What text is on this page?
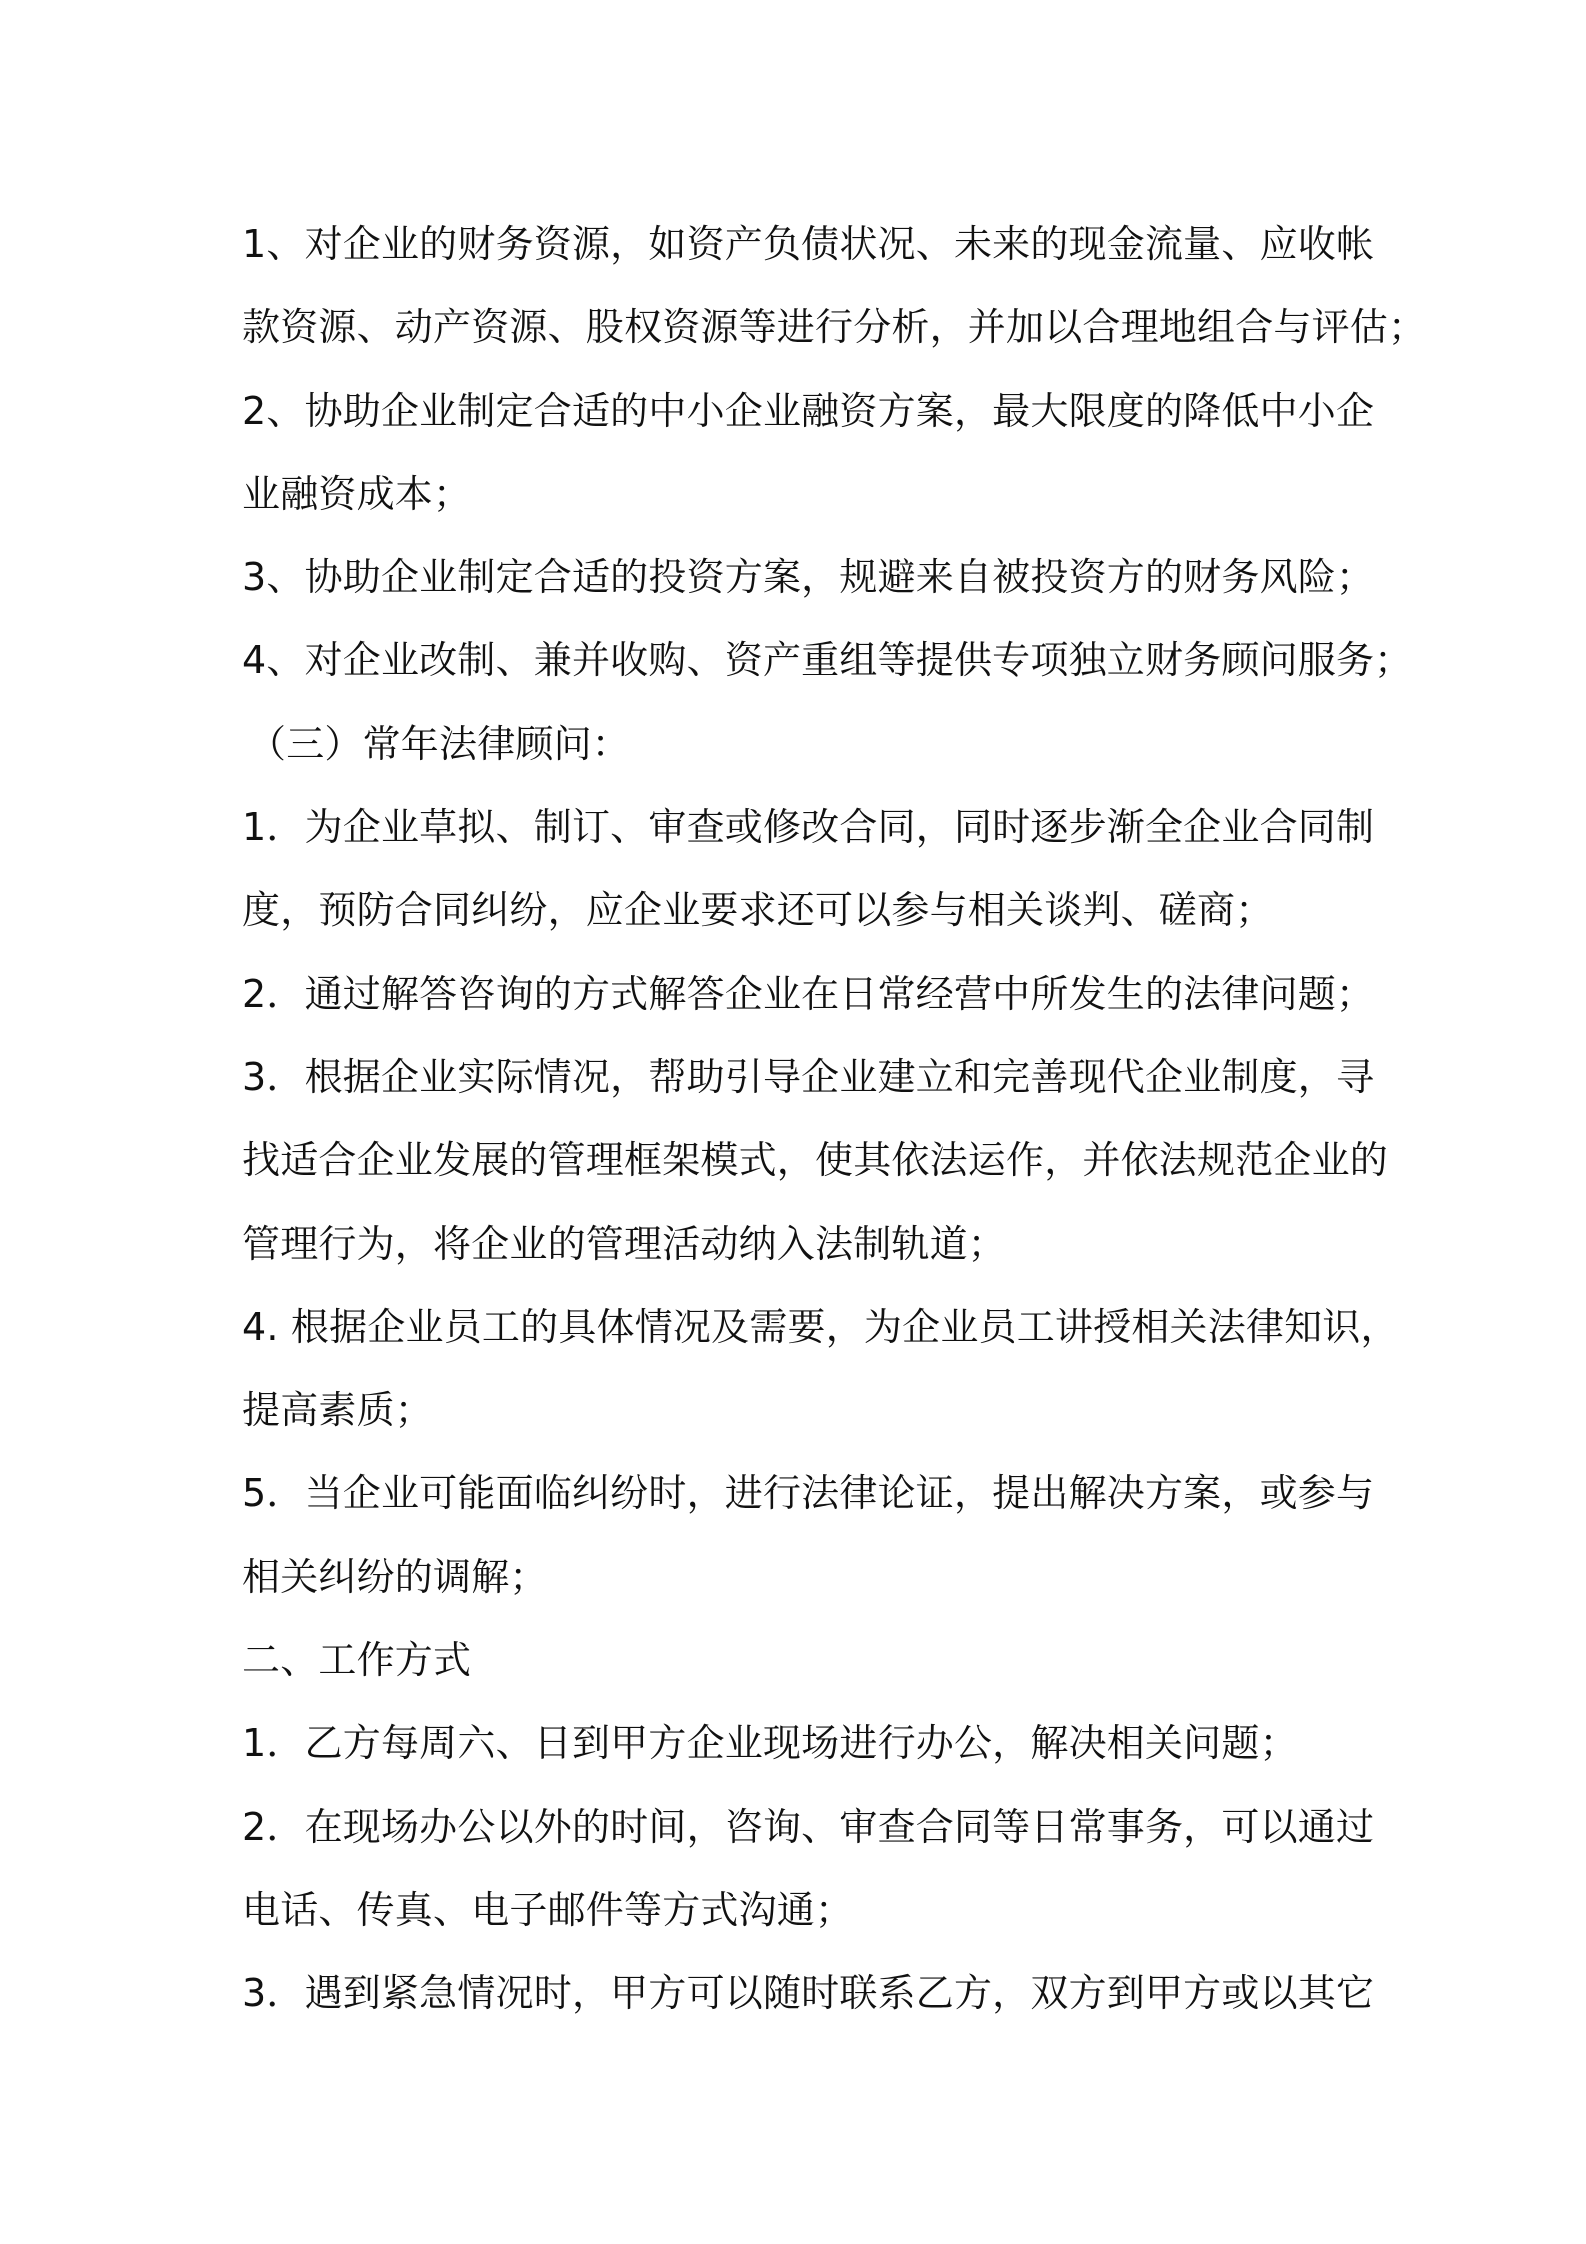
1、对企业的财务资源，如资产负债状况、未来的现金流量、应收帐
款资源、动产资源、股权资源等进行分析，并加以合理地组合与评估；
2、协助企业制定合适的中小企业融资方案，最大限度的降低中小企
业融资成本；
3、协助企业制定合适的投资方案，规避来自被投资方的财务风险；
4、对企业改制、兼并收购、资产重组等提供专项独立财务顾问服务；
（三）常年法律顾问：
1．为企业草拟、制订、审查或修改合同，同时逐步渐全企业合同制
度，预防合同纠纷，应企业要求还可以参与相关谈判、磋商；
2．通过解答咨询的方式解答企业在日常经营中所发生的法律问题；
3．根据企业实际情况，帮助引导企业建立和完善现代企业制度，寻
找适合企业发展的管理框架模式，使其依法运作，并依法规范企业的
管理行为，将企业的管理活动纳入法制轨道；
4. 根据企业员工的具体情况及需要，为企业员工讲授相关法律知识，
提高素质；
5．当企业可能面临纠纷时，进行法律论证，提出解决方案，或参与
相关纠纷的调解；
二、工作方式
1．乙方每周六、日到甲方企业现场进行办公，解决相关问题；
2．在现场办公以外的时间，咨询、审查合同等日常事务，可以通过
电话、传真、电子邮件等方式沟通；
3．遇到紧急情况时，甲方可以随时联系乙方，双方到甲方或以其它
